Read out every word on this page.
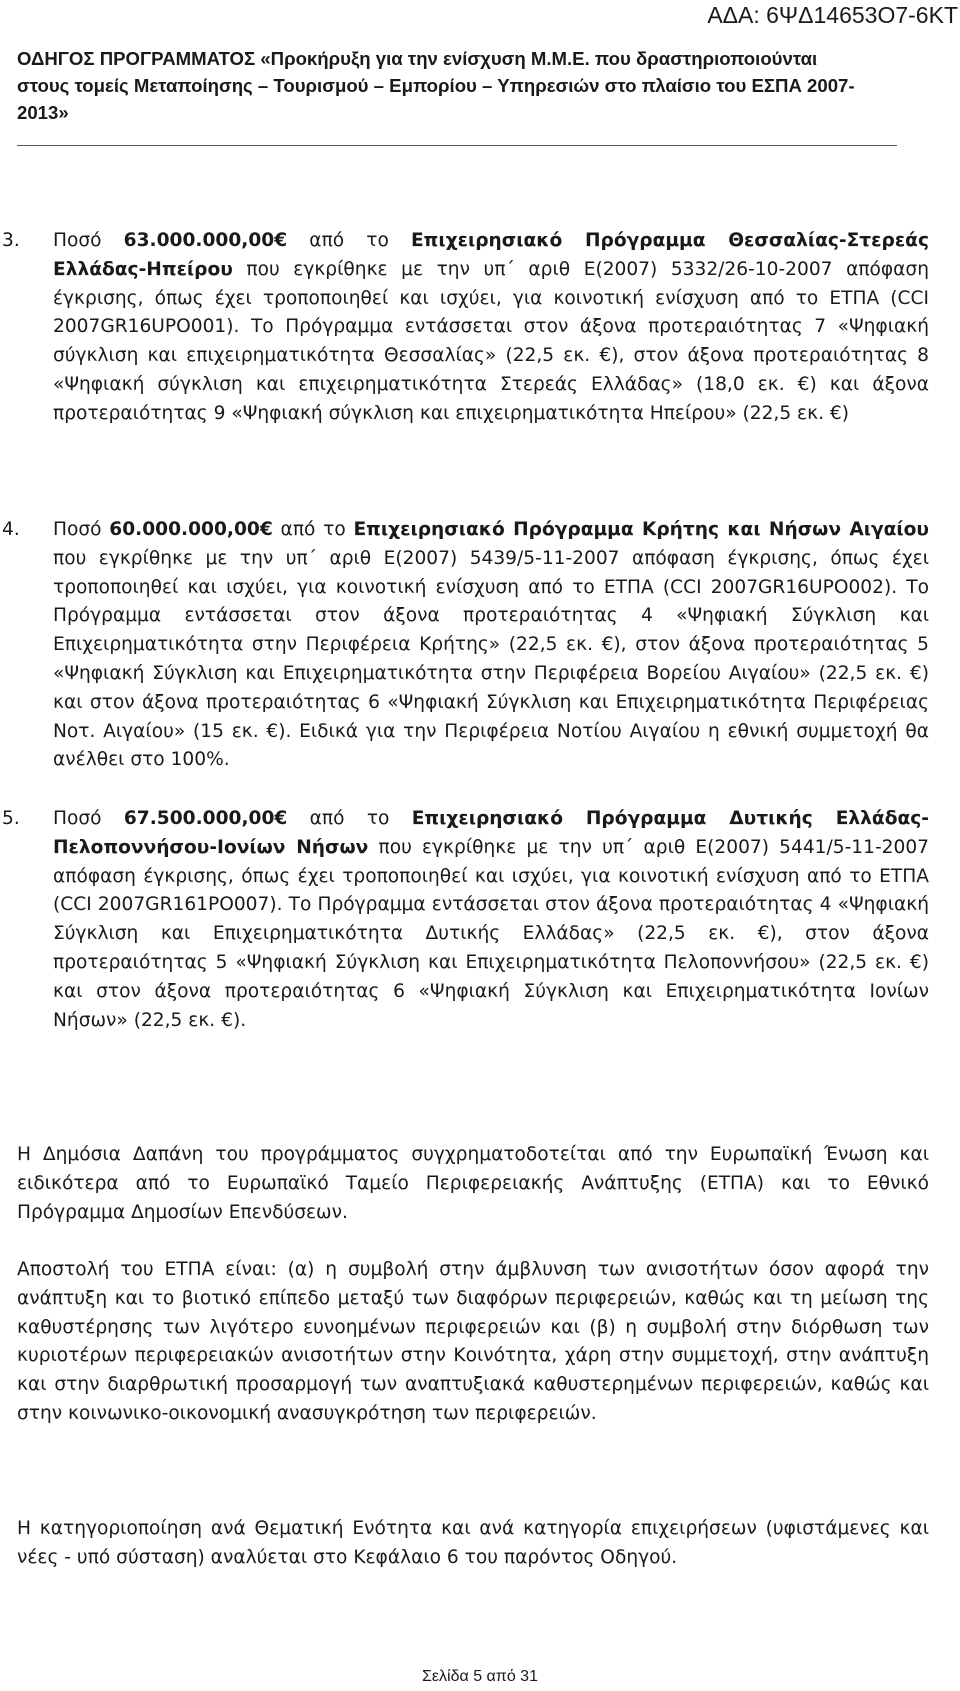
ΑΔΑ: 6ΨΔ14653Ο7-6ΚΤ
ΟΔΗΓΟΣ ΠΡΟΓΡΑΜΜΑΤΟΣ «Προκήρυξη για την ενίσχυση Μ.Μ.Ε. που δραστηριοποιούνται
στους τομείς Μεταποίησης – Τουρισμού – Εμπορίου – Υπηρεσιών στο πλαίσιο του ΕΣΠΑ 2007-
2013»
3. Ποσό 63.000.000,00€ από το Επιχειρησιακό Πρόγραμμα Θεσσαλίας-Στερεάς Ελλάδας-Ηπείρου που εγκρίθηκε με την υπ΄ αριθ Ε(2007) 5332/26-10-2007 απόφαση έγκρισης, όπως έχει τροποποιηθεί και ισχύει, για κοινοτική ενίσχυση από το ΕΤΠΑ (CCI 2007GR16UPO001). Το Πρόγραμμα εντάσσεται στον άξονα προτεραιότητας 7 «Ψηφιακή σύγκλιση και επιχειρηματικότητα Θεσσαλίας» (22,5 εκ. €), στον άξονα προτεραιότητας 8 «Ψηφιακή σύγκλιση και επιχειρηματικότητα Στερεάς Ελλάδας» (18,0 εκ. €) και άξονα προτεραιότητας 9 «Ψηφιακή σύγκλιση και επιχειρηματικότητα Ηπείρου» (22,5 εκ. €)
4. Ποσό 60.000.000,00€ από το Επιχειρησιακό Πρόγραμμα Κρήτης και Νήσων Αιγαίου που εγκρίθηκε με την υπ΄ αριθ Ε(2007) 5439/5-11-2007 απόφαση έγκρισης, όπως έχει τροποποιηθεί και ισχύει, για κοινοτική ενίσχυση από το ΕΤΠΑ (CCI 2007GR16UPO002). Το Πρόγραμμα εντάσσεται στον άξονα προτεραιότητας 4 «Ψηφιακή Σύγκλιση και Επιχειρηματικότητα στην Περιφέρεια Κρήτης» (22,5 εκ. €), στον άξονα προτεραιότητας 5 «Ψηφιακή Σύγκλιση και Επιχειρηματικότητα στην Περιφέρεια Βορείου Αιγαίου» (22,5 εκ. €) και στον άξονα προτεραιότητας 6 «Ψηφιακή Σύγκλιση και Επιχειρηματικότητα Περιφέρειας Νοτ. Αιγαίου» (15 εκ. €). Ειδικά για την Περιφέρεια Νοτίου Αιγαίου η εθνική συμμετοχή θα ανέλθει στο 100%.
5. Ποσό 67.500.000,00€ από το Επιχειρησιακό Πρόγραμμα Δυτικής Ελλάδας-Πελοποννήσου-Ιονίων Νήσων που εγκρίθηκε με την υπ΄ αριθ Ε(2007) 5441/5-11-2007 απόφαση έγκρισης, όπως έχει τροποποιηθεί και ισχύει, για κοινοτική ενίσχυση από το ΕΤΠΑ (CCI 2007GR161PO007). Το Πρόγραμμα εντάσσεται στον άξονα προτεραιότητας 4 «Ψηφιακή Σύγκλιση και Επιχειρηματικότητα Δυτικής Ελλάδας» (22,5 εκ. €), στον άξονα προτεραιότητας 5 «Ψηφιακή Σύγκλιση και Επιχειρηματικότητα Πελοποννήσου» (22,5 εκ. €) και στον άξονα προτεραιότητας 6 «Ψηφιακή Σύγκλιση και Επιχειρηματικότητα Ιονίων Νήσων» (22,5 εκ. €).
Η Δημόσια Δαπάνη του προγράμματος συγχρηματοδοτείται από την Ευρωπαϊκή Ένωση και ειδικότερα από το Ευρωπαϊκό Ταμείο Περιφερειακής Ανάπτυξης (ΕΤΠΑ) και το Εθνικό Πρόγραμμα Δημοσίων Επενδύσεων.
Αποστολή του ΕΤΠΑ είναι: (α) η συμβολή στην άμβλυνση των ανισοτήτων όσον αφορά την ανάπτυξη και το βιοτικό επίπεδο μεταξύ των διαφόρων περιφερειών, καθώς και τη μείωση της καθυστέρησης των λιγότερο ευνοημένων περιφερειών και (β) η συμβολή στην διόρθωση των κυριοτέρων περιφερειακών ανισοτήτων στην Κοινότητα, χάρη στην συμμετοχή, στην ανάπτυξη και στην διαρθρωτική προσαρμογή των αναπτυξιακά καθυστερημένων περιφερειών, καθώς και στην κοινωνικο-οικονομική ανασυγκρότηση των περιφερειών.
Η κατηγοριοποίηση ανά Θεματική Ενότητα και ανά κατηγορία επιχειρήσεων (υφιστάμενες και νέες - υπό σύσταση) αναλύεται στο Κεφάλαιο 6 του παρόντος Οδηγού.
Σελίδα 5 από 31
